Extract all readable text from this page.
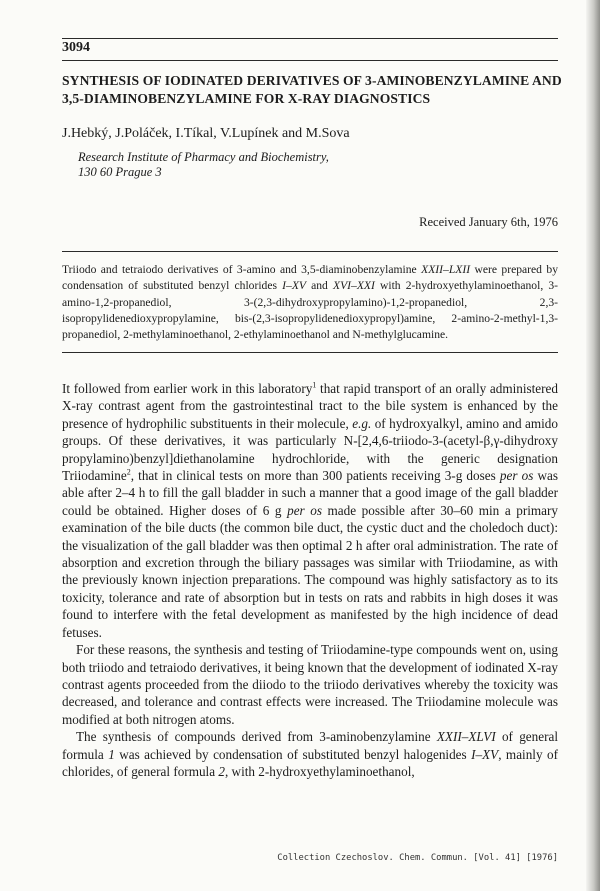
3094
SYNTHESIS OF IODINATED DERIVATIVES OF 3-AMINOBENZYLAMINE AND 3,5-DIAMINOBENZYLAMINE FOR X-RAY DIAGNOSTICS
J.Hebký, J.Poláček, I.Tíkal, V.Lupínek and M.Sova
Research Institute of Pharmacy and Biochemistry,
130 60 Prague 3
Received January 6th, 1976
Triiodo and tetraiodo derivatives of 3-amino and 3,5-diaminobenzylamine XXII–LXII were prepared by condensation of substituted benzyl chlorides I–XV and XVI–XXI with 2-hydroxyethylaminoethanol, 3-amino-1,2-propanediol, 3-(2,3-dihydroxypropylamino)-1,2-propanediol, 2,3-isopropylidenedioxypropylamine, bis-(2,3-isopropylidenedioxypropyl)amine, 2-amino-2-methyl-1,3-propanediol, 2-methylaminoethanol, 2-ethylaminoethanol and N-methylglucamine.

It followed from earlier work in this laboratory$^1$ that rapid transport of an orally administered X-ray contrast agent from the gastrointestinal tract to the bile system is enhanced by the presence of hydrophilic substituents in their molecule, e.g. of hydroxyalkyl, amino and amido groups. Of these derivatives, it was particularly N-[2,4,6-triiodo-3-(acetyl-β,γ-dihydroxy propylamino)benzyl]diethanolamine hydrochloride, with the generic designation Triiodamine$^2$, that in clinical tests on more than 300 patients receiving 3-g doses per os was able after 2–4 h to fill the gall bladder in such a manner that a good image of the gall bladder could be obtained. Higher doses of 6 g per os made possible after 30–60 min a primary examination of the bile ducts (the common bile duct, the cystic duct and the choledoch duct): the visualization of the gall bladder was then optimal 2 h after oral administration. The rate of absorption and excretion through the biliary passages was similar with Triiodamine, as with the previously known injection preparations. The compound was highly satisfactory as to its toxicity, tolerance and rate of absorption but in tests on rats and rabbits in high doses it was found to interfere with the fetal development as manifested by the high incidence of dead fetuses.

For these reasons, the synthesis and testing of Triiodamine-type compounds went on, using both triiodo and tetraiodo derivatives, it being known that the development of iodinated X-ray contrast agents proceeded from the diiodo to the triiodo derivatives whereby the toxicity was decreased, and tolerance and contrast effects were increased. The Triiodamine molecule was modified at both nitrogen atoms.

The synthesis of compounds derived from 3-aminobenzylamine XXII–XLVI of general formula 1 was achieved by condensation of substituted benzyl halogenides I–XV, mainly of chlorides, of general formula 2, with 2-hydroxyethylaminoethanol,

Collection Czechoslov. Chem. Commun. [Vol. 41] [1976]
